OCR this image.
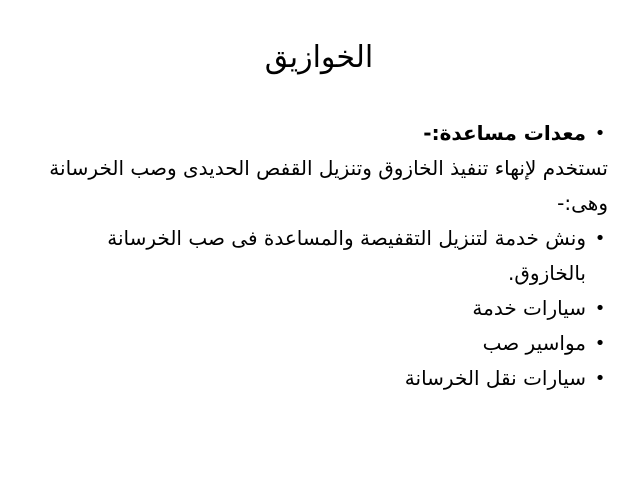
الخوازيق
•
معدات مساعدة:-
تستخدم لإنهاء تنفيذ الخازوق وتنزيل القفص الحديدى وصب الخرسانة وهى:-
•
ونش خدمة لتنزيل التقفيصة والمساعدة فى صب الخرسانة بالخازوق.
•
سيارات خدمة
•
مواسير صب
•
سيارات نقل الخرسانة
